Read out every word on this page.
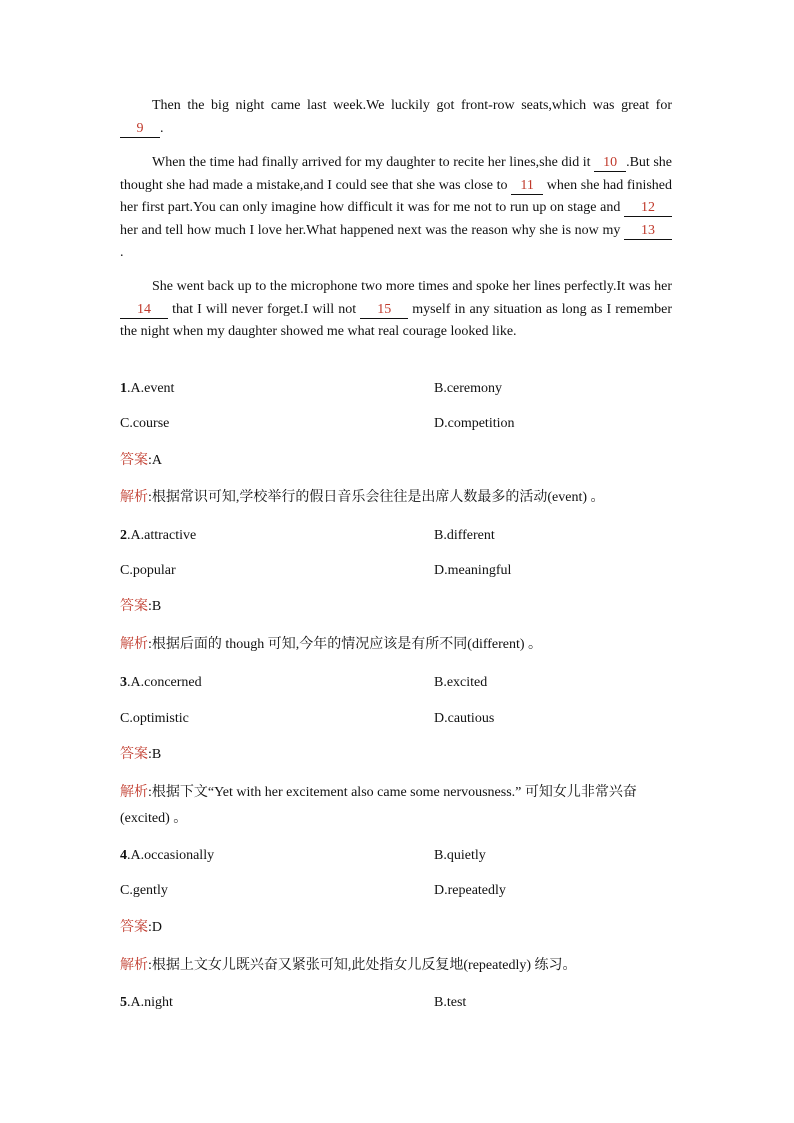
Then the big night came last week.We luckily got front-row seats,which was great for 9 .

When the time had finally arrived for my daughter to recite her lines,she did it 10 .But she thought she had made a mistake,and I could see that she was close to 11 when she had finished her first part.You can only imagine how difficult it was for me not to run up on stage and 12 her and tell how much I love her.What happened next was the reason why she is now my 13.

She went back up to the microphone two more times and spoke her lines perfectly.It was her 14 that I will never forget.I will not 15 myself in any situation as long as I remember the night when my daughter showed me what real courage looked like.

1.A.event	B.ceremony
C.course	D.competition
答案:A
解析:根据常识可知,学校举行的假日音乐会往往是出席人数最多的活动(event) 。
2.A.attractive	B.different
C.popular	D.meaningful
答案:B
解析:根据后面的 though 可知,今年的情况应该是有所不同(different) 。
3.A.concerned	B.excited
C.optimistic	D.cautious
答案:B
解析:根据下文“Yet with her excitement also came some nervousness.” 可知女儿非常兴奋(excited) 。
4.A.occasionally	B.quietly
C.gently	D.repeatedly
答案:D
解析:根据上文女儿既兴奋又紧张可知,此处指女儿反复地(repeatedly) 练习。
5.A.night	B.test
